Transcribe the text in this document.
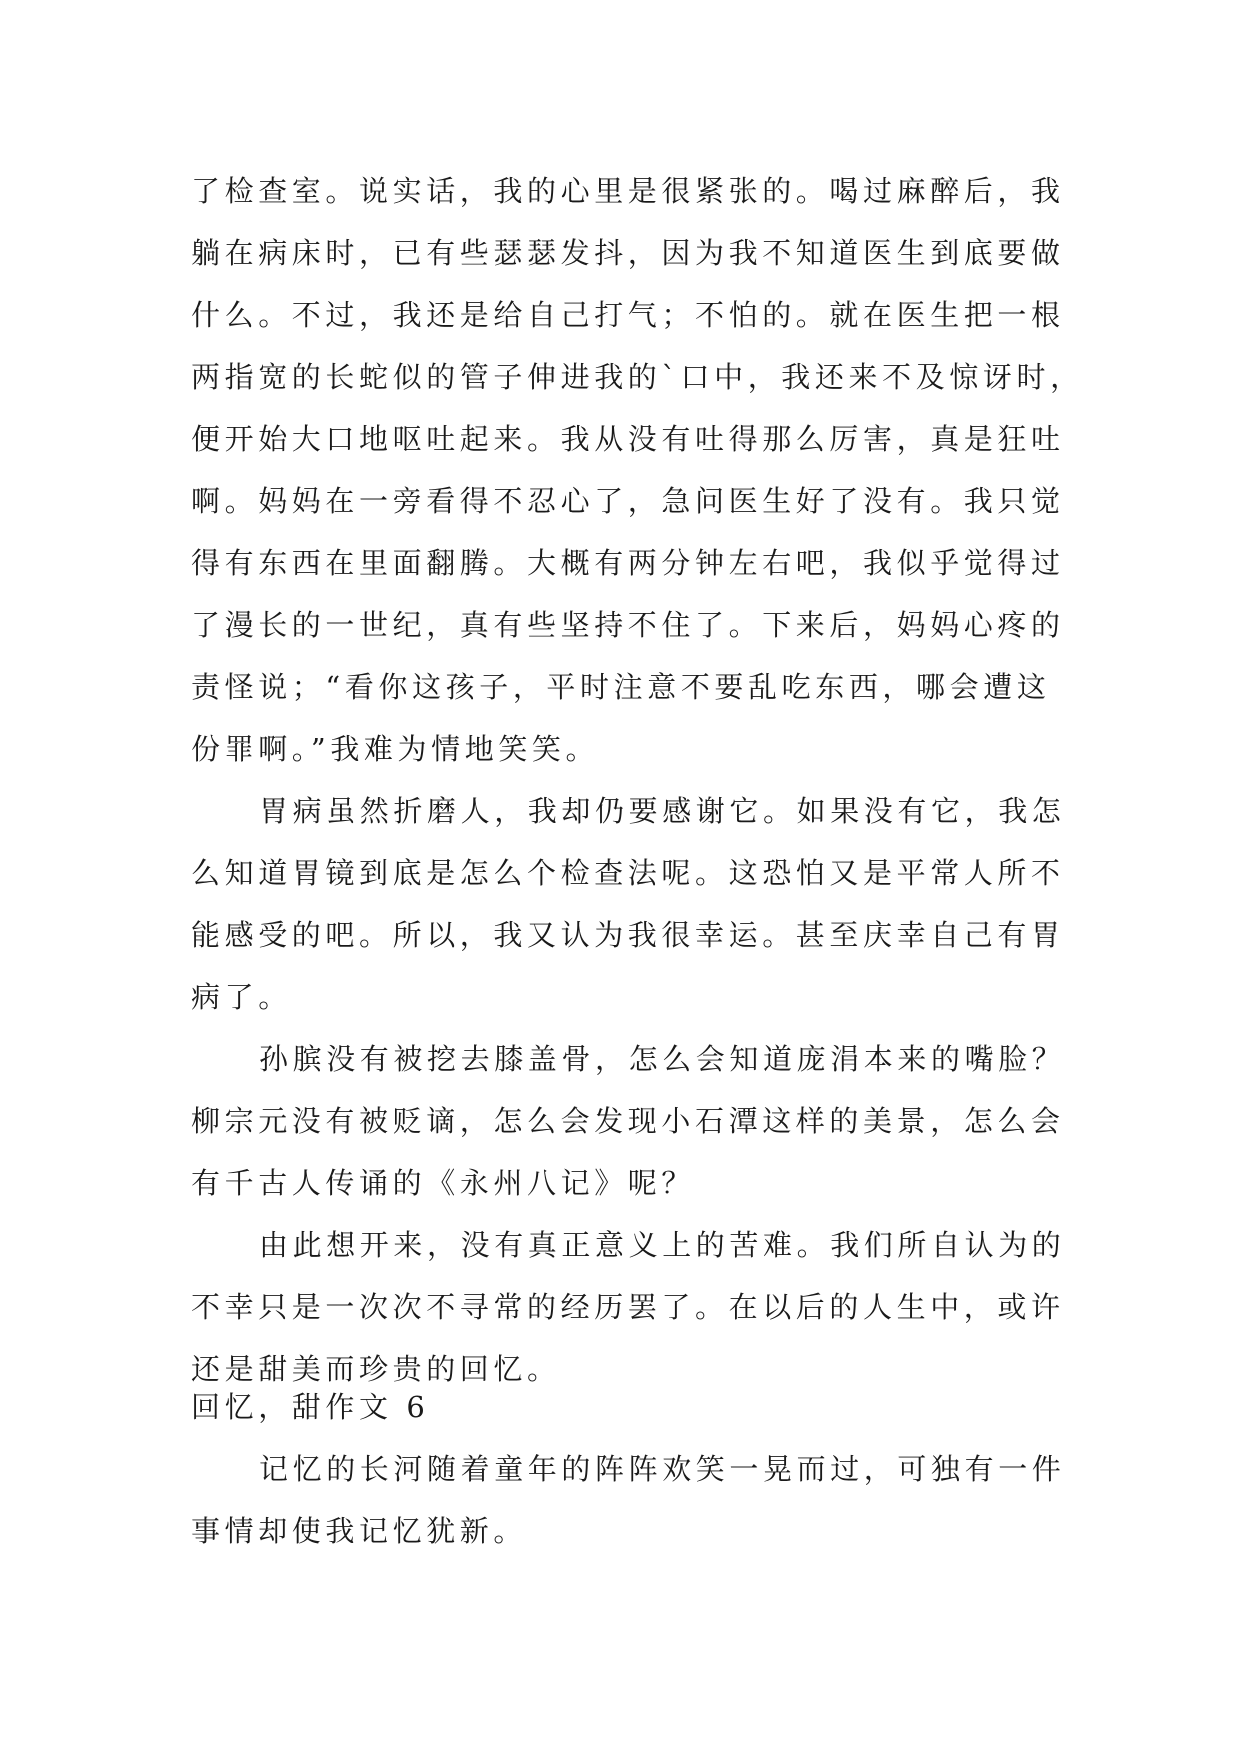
了检查室。说实话，我的心里是很紧张的。喝过麻醉后，我
躺在病床时，已有些瑟瑟发抖，因为我不知道医生到底要做
什么。不过，我还是给自己打气；不怕的。就在医生把一根
两指宽的长蛇似的管子伸进我的`口中，我还来不及惊讶时，
便开始大口地呕吐起来。我从没有吐得那么厉害，真是狂吐
啊。妈妈在一旁看得不忍心了，急问医生好了没有。我只觉
得有东西在里面翻腾。大概有两分钟左右吧，我似乎觉得过
了漫长的一世纪，真有些坚持不住了。下来后，妈妈心疼的
责怪说；“看你这孩子，平时注意不要乱吃东西，哪会遭这
份罪啊。”我难为情地笑笑。
胃病虽然折磨人，我却仍要感谢它。如果没有它，我怎
么知道胃镜到底是怎么个检查法呢。这恐怕又是平常人所不
能感受的吧。所以，我又认为我很幸运。甚至庆幸自己有胃
病了。
孙膑没有被挖去膝盖骨，怎么会知道庞涓本来的嘴脸？
柳宗元没有被贬谪，怎么会发现小石潭这样的美景，怎么会
有千古人传诵的《永州八记》呢？
由此想开来，没有真正意义上的苦难。我们所自认为的
不幸只是一次次不寻常的经历罢了。在以后的人生中，或许
还是甜美而珍贵的回忆。
回忆，甜作文 6
记忆的长河随着童年的阵阵欢笑一晃而过，可独有一件
事情却使我记忆犹新。
